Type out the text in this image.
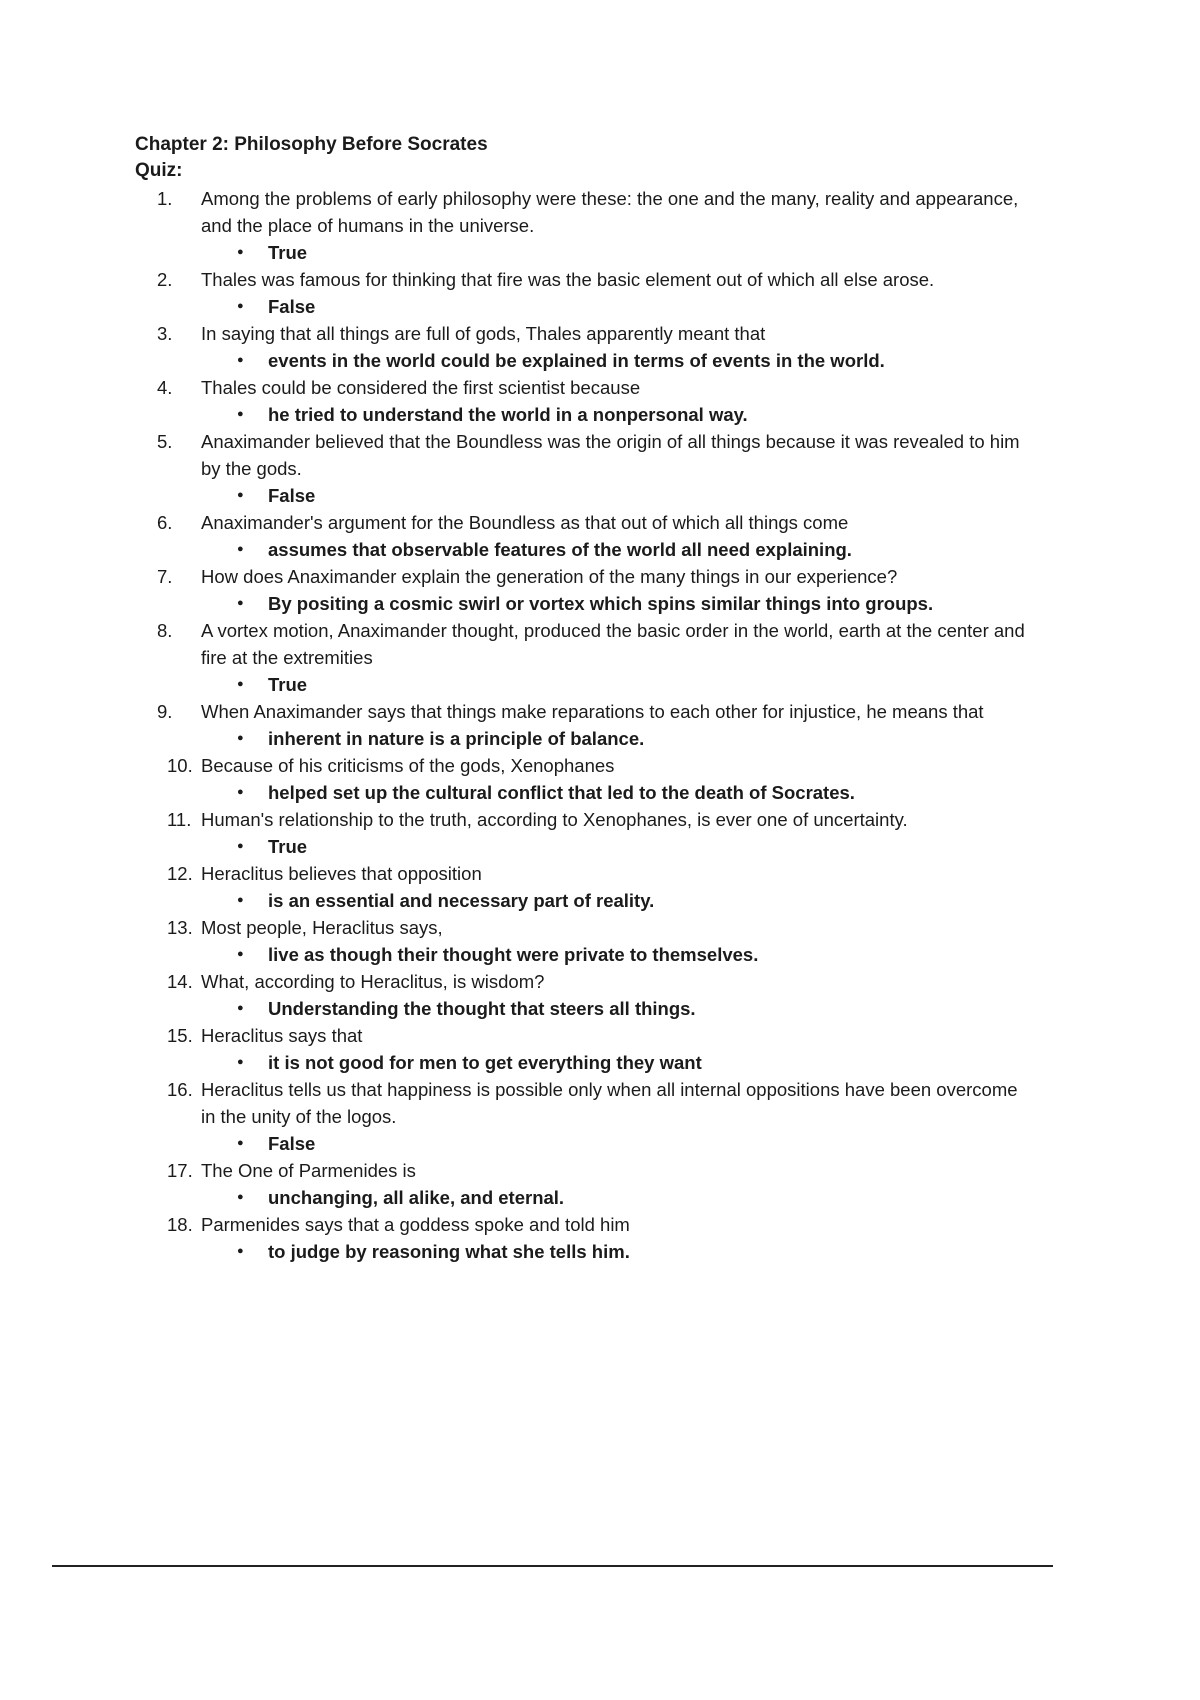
Chapter 2: Philosophy Before Socrates

Quiz:

1.	Among the problems of early philosophy were these: the one and the many, reality and appearance, and the place of humans in the universe.
● True
2.	Thales was famous for thinking that fire was the basic element out of which all else arose.
● False
3.	In saying that all things are full of gods, Thales apparently meant that
● events in the world could be explained in terms of events in the world.
4.	Thales could be considered the first scientist because
● he tried to understand the world in a nonpersonal way.
5.	Anaximander believed that the Boundless was the origin of all things because it was revealed to him by the gods.
● False
6.	Anaximander's argument for the Boundless as that out of which all things come
● assumes that observable features of the world all need explaining.
7.	How does Anaximander explain the generation of the many things in our experience?
● By positing a cosmic swirl or vortex which spins similar things into groups.
8.	A vortex motion, Anaximander thought, produced the basic order in the world, earth at the center and fire at the extremities
● True
9.	When Anaximander says that things make reparations to each other for injustice, he means that
● inherent in nature is a principle of balance.
10. Because of his criticisms of the gods, Xenophanes
● helped set up the cultural conflict that led to the death of Socrates.
11. Human's relationship to the truth, according to Xenophanes, is ever one of uncertainty.
● True
12. Heraclitus believes that opposition
● is an essential and necessary part of reality.
13. Most people, Heraclitus says,
● live as though their thought were private to themselves.
14. What, according to Heraclitus, is wisdom?
● Understanding the thought that steers all things.
15. Heraclitus says that
● it is not good for men to get everything they want
16. Heraclitus tells us that happiness is possible only when all internal oppositions have been overcome in the unity of the logos.
● False
17. The One of Parmenides is
● unchanging, all alike, and eternal.
18. Parmenides says that a goddess spoke and told him
● to judge by reasoning what she tells him.
